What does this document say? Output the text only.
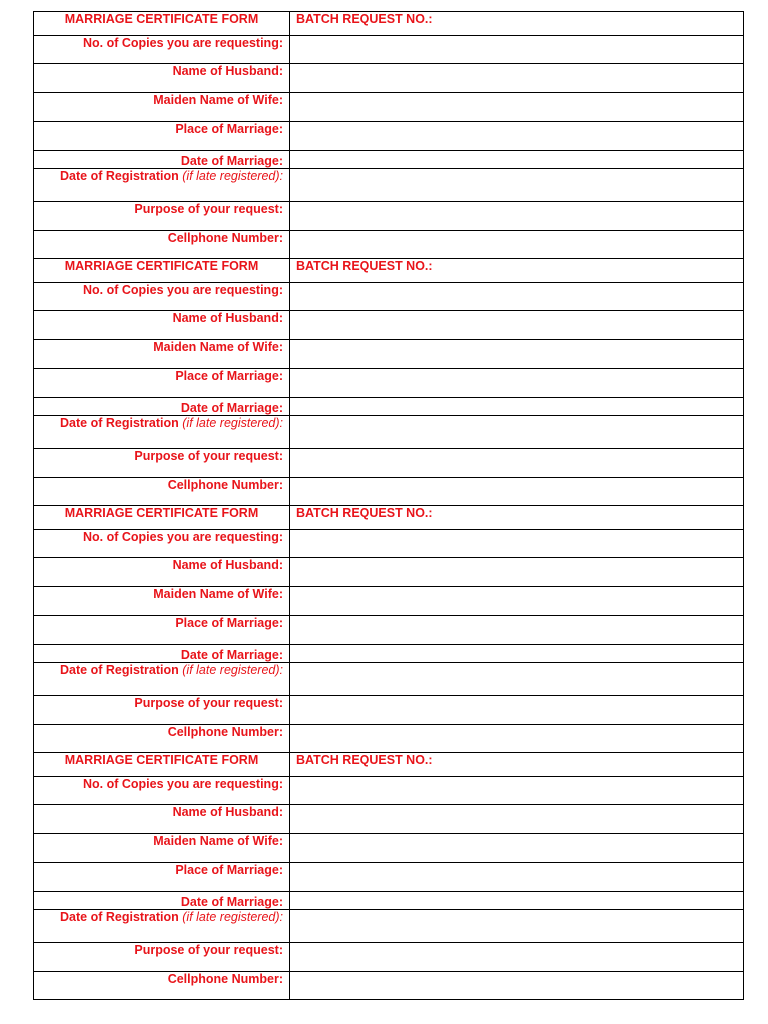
MARRIAGE CERTIFICATE FORM	BATCH REQUEST NO.:
No. of Copies you are requesting:	
Name of Husband:	
Maiden Name of Wife:	
Place of Marriage:	
Date of Marriage:	
Date of Registration (if late registered):	
Purpose of your request:	
Cellphone Number:	
MARRIAGE CERTIFICATE FORM	BATCH REQUEST NO.:
No. of Copies you are requesting:	
Name of Husband:	
Maiden Name of Wife:	
Place of Marriage:	
Date of Marriage:	
Date of Registration (if late registered):	
Purpose of your request:	
Cellphone Number:	
MARRIAGE CERTIFICATE FORM	BATCH REQUEST NO.:
No. of Copies you are requesting:	
Name of Husband:	
Maiden Name of Wife:	
Place of Marriage:	
Date of Marriage:	
Date of Registration (if late registered):	
Purpose of your request:	
Cellphone Number:	
MARRIAGE CERTIFICATE FORM	BATCH REQUEST NO.:
No. of Copies you are requesting:	
Name of Husband:	
Maiden Name of Wife:	
Place of Marriage:	
Date of Marriage:	
Date of Registration (if late registered):	
Purpose of your request:	
Cellphone Number:	
